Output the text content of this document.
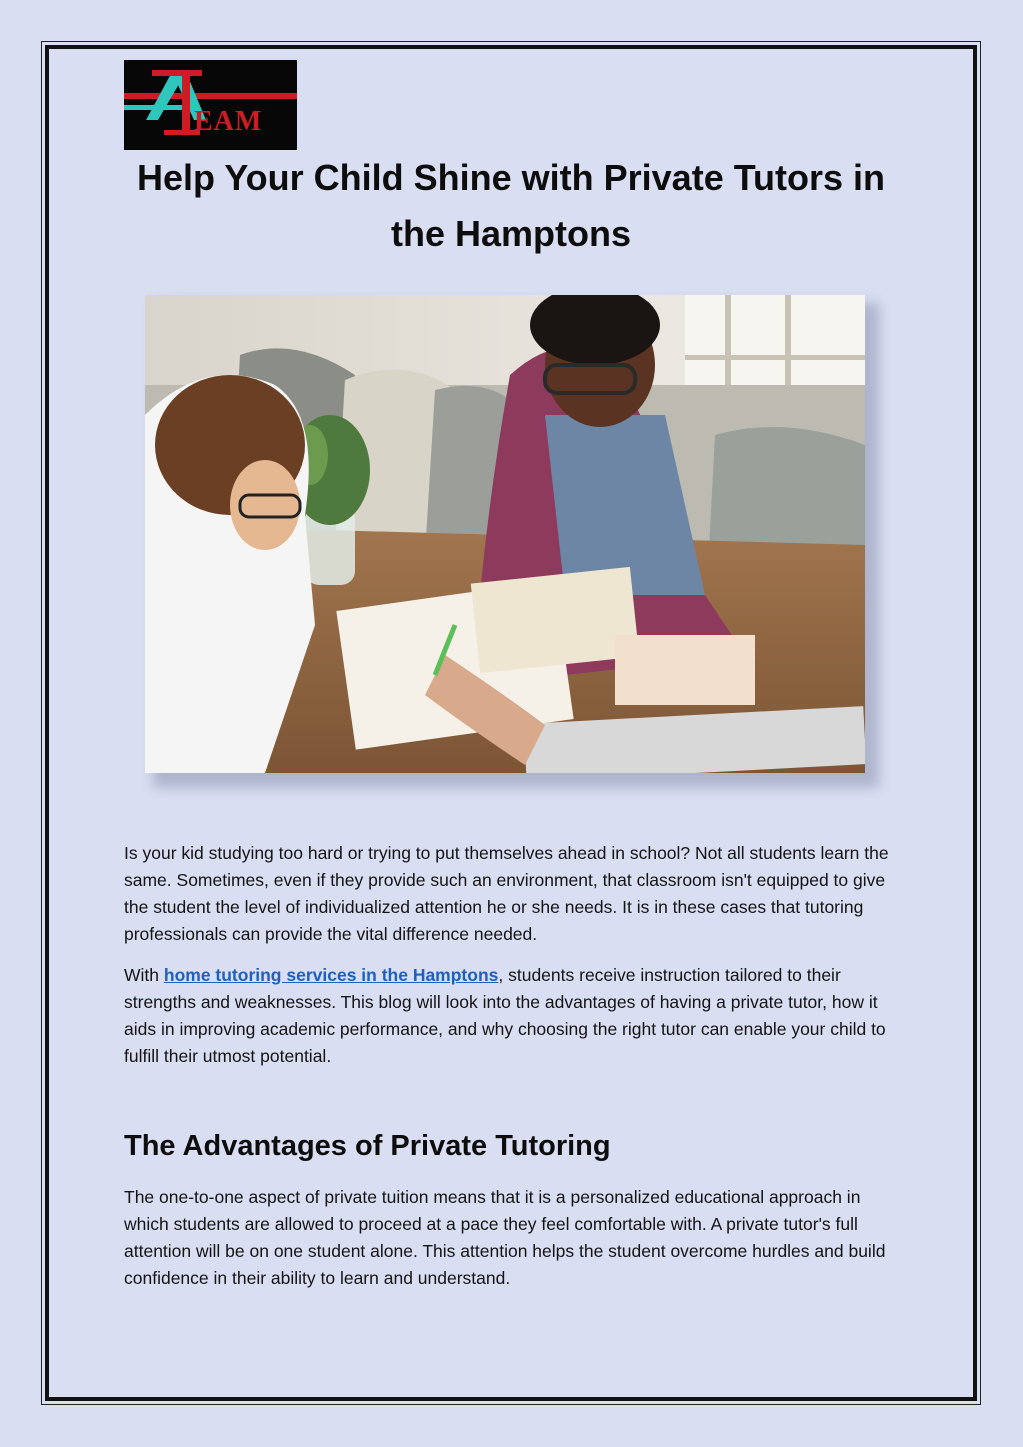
EAM
Help Your Child Shine with Private Tutors in the Hamptons

Is your kid studying too hard or trying to put themselves ahead in school? Not all students learn the same. Sometimes, even if they provide such an environment, that classroom isn't equipped to give the student the level of individualized attention he or she needs. It is in these cases that tutoring professionals can provide the vital difference needed.

With home tutoring services in the Hamptons, students receive instruction tailored to their strengths and weaknesses. This blog will look into the advantages of having a private tutor, how it aids in improving academic performance, and why choosing the right tutor can enable your child to fulfill their utmost potential.

The Advantages of Private Tutoring

The one-to-one aspect of private tuition means that it is a personalized educational approach in which students are allowed to proceed at a pace they feel comfortable with. A private tutor's full attention will be on one student alone. This attention helps the student overcome hurdles and build confidence in their ability to learn and understand.
